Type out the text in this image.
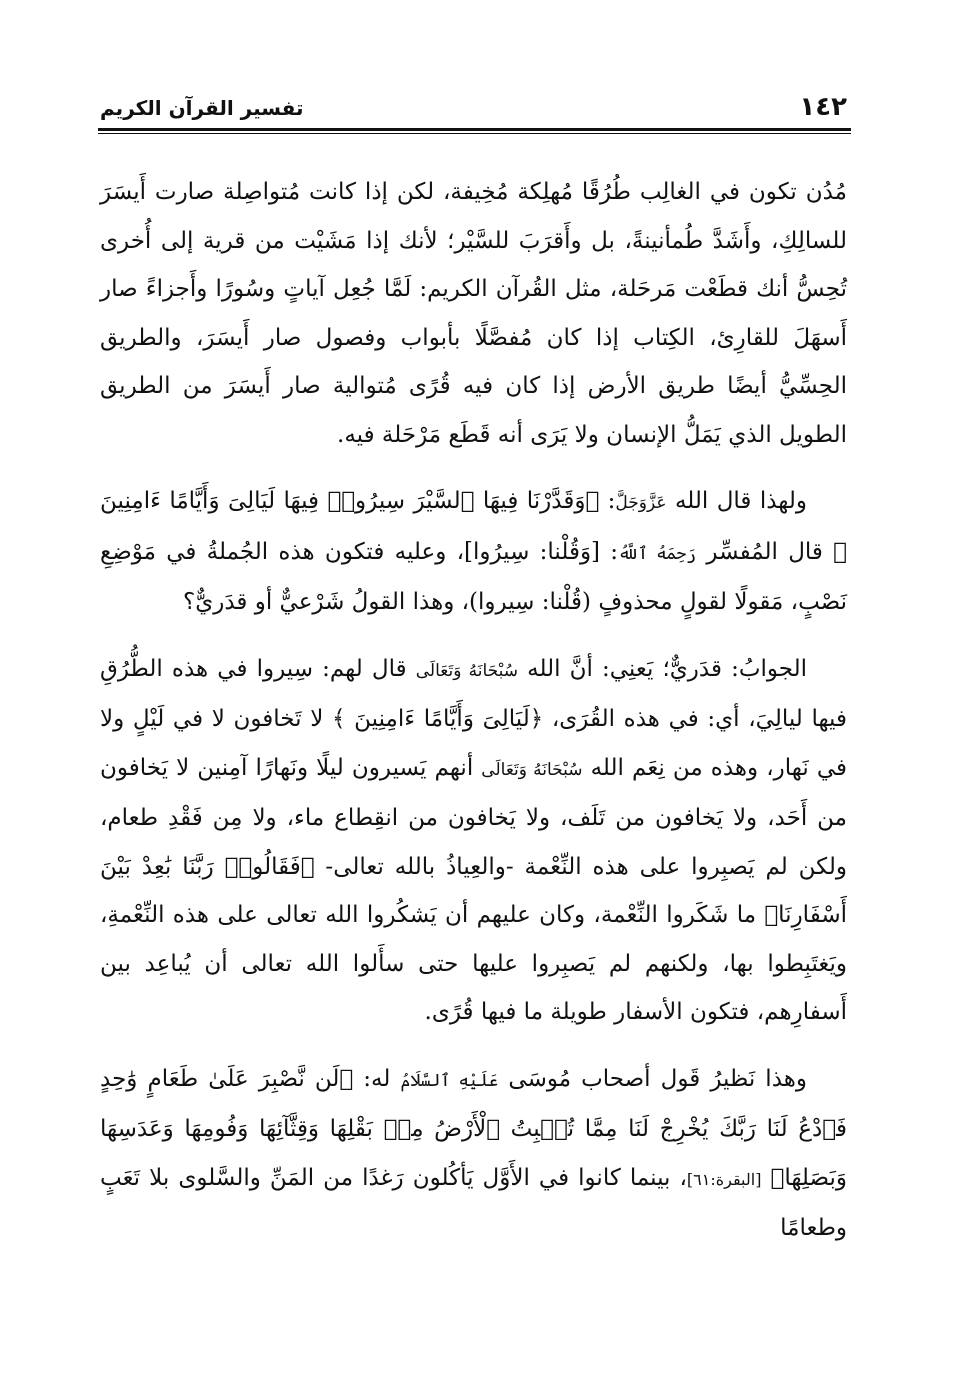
١٤٢
تفسير القرآن الكريم

مُدُن تكون في الغالِب طُرُقًا مُهلِكة مُخِيفة، لكن إذا كانت مُتواصِلة صارت أَيسَرَ للسالِكِ، وأَشَدَّ طُمأنينةً، بل وأَقرَبَ للسَّيْر؛ لأنك إذا مَشَيْت من قرية إلى أُخرى تُحِسُّ أنك قطَعْت مَرحَلة، مثل القُرآن الكريم: لَمَّا جُعِل آياتٍ وسُورًا وأَجزاءً صار أَسهَلَ للقارِئ، الكِتاب إذا كان مُفصَّلًا بأبواب وفصول صار أَيسَرَ، والطريق الحِسِّيُّ أيضًا طريق الأرض إذا كان فيه قُرًى مُتوالية صار أَيسَرَ من الطريق الطويل الذي يَمَلُّ الإنسان ولا يَرَى أنه قَطَع مَرْحَلة فيه.

ولهذا قال الله عَزَّوَجَلَّ: ﴿وَقَدَّرْنَا فِيهَا ٱلسَّيْرَ سِيرُوا۟ فِيهَا لَيَالِىَ وَأَيَّامًا ءَامِنِينَ ﴾ قال المُفسِّر رَحِمَهُ ٱللَّهُ: [وَقُلْنا: سِيرُوا]، وعليه فتكون هذه الجُملةُ في مَوْضِعِ نَصْبٍ، مَقولًا لقولٍ محذوفٍ (قُلْنا: سِيروا)، وهذا القولُ شَرْعيٌّ أو قدَريٌّ؟

الجوابُ: قدَريٌّ؛ يَعنِي: أنَّ الله سُبْحَانَهُ وَتَعَالَى قال لهم: سِيروا في هذه الطُّرُقِ فيها ليالِيَ، أي: في هذه القُرَى، ﴿لَيَالِىَ وَأَيَّامًا ءَامِنِينَ ﴾ لا تَخافون لا في لَيْلٍ ولا في نَهار، وهذه من نِعَم الله سُبْحَانَهُ وَتَعَالَى أنهم يَسيرون ليلًا ونَهارًا آمِنين لا يَخافون من أَحَد، ولا يَخافون من تَلَف، ولا يَخافون من انقِطاع ماء، ولا مِن فَقْدِ طعام، ولكن لم يَصبِروا على هذه النِّعْمة -والعِياذُ بالله تعالى- ﴿فَقَالُوا۟ رَبَّنَا بَٰعِدْ بَيْنَ أَسْفَارِنَا﴾ ما شَكَروا النِّعْمة، وكان عليهم أن يَشكُروا الله تعالى على هذه النِّعْمةِ، ويَغتَبِطوا بها، ولكنهم لم يَصبِروا عليها حتى سأَلوا الله تعالى أن يُباعِد بين أَسفارِهم، فتكون الأسفار طويلة ما فيها قُرًى.

وهذا نَظيرُ قَول أصحاب مُوسَى عَلَيْهِ ٱلسَّلَامُ له: ﴿لَن نَّصْبِرَ عَلَىٰ طَعَامٍ وَٰحِدٍ فَٱدْعُ لَنَا رَبَّكَ يُخْرِجْ لَنَا مِمَّا تُنۢبِتُ ٱلْأَرْضُ مِنۢ بَقْلِهَا وَقِثَّآئِهَا وَفُومِهَا وَعَدَسِهَا وَبَصَلِهَا﴾ [البقرة:٦١]، بينما كانوا في الأَوَّل يَأكُلون رَغدًا من المَنِّ والسَّلوى بلا تَعَبٍ وطعامًا
